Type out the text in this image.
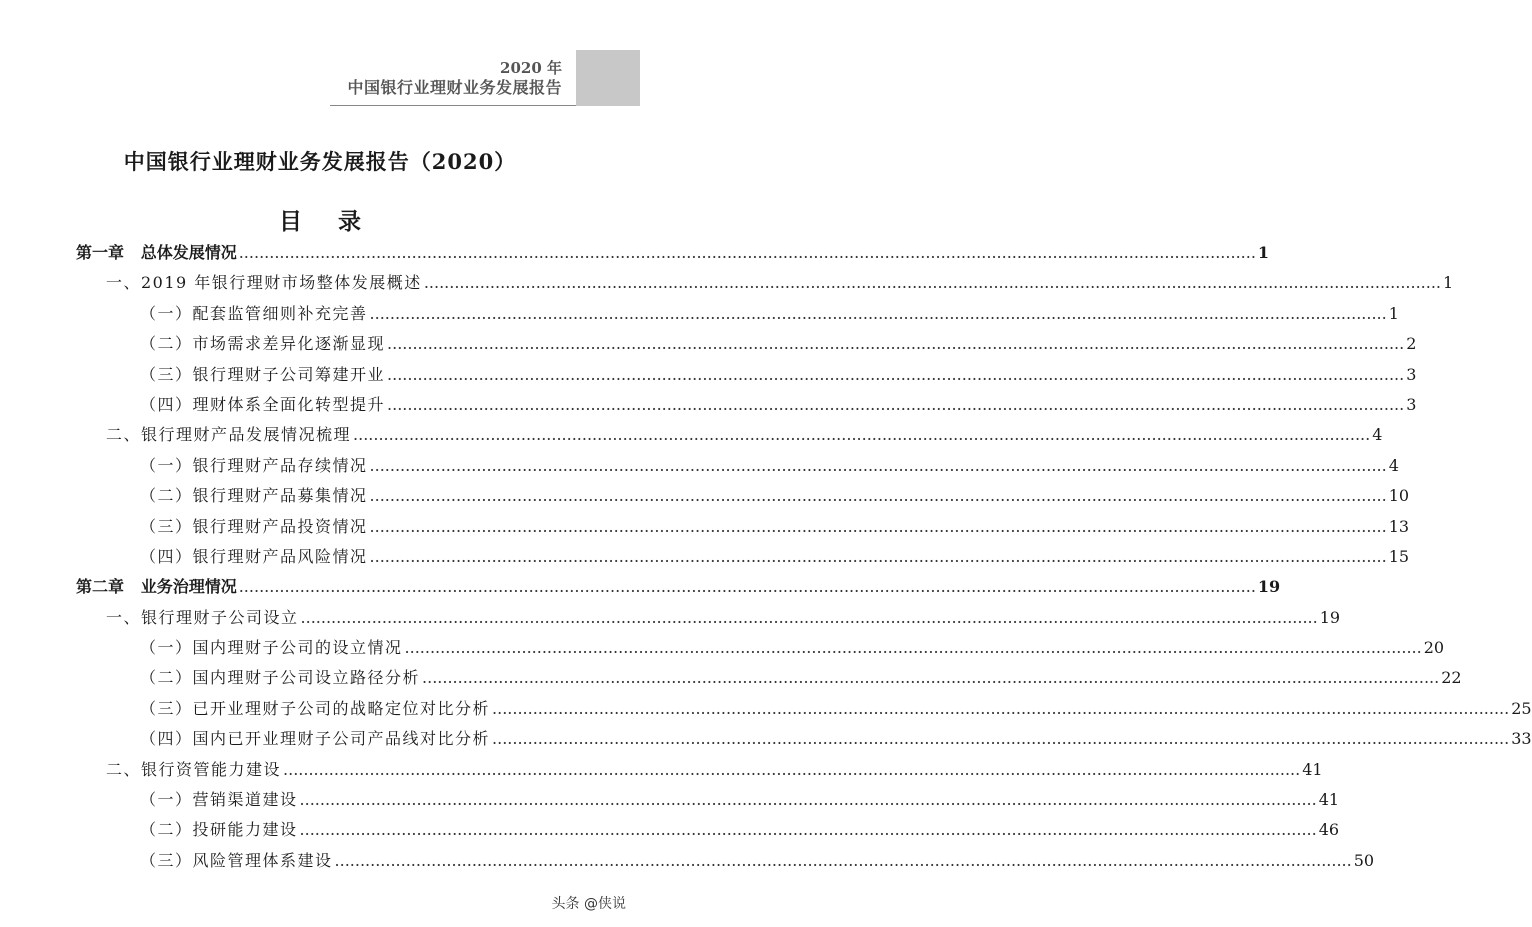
2020 年
中国银行业理财业务发展报告
中国银行业理财业务发展报告（2020）
目 录
第一章   总体发展情况 ........................................................................................................................................................................................................ 1
一、2019 年银行理财市场整体发展概述 ........................................................................................................................................................................................................ 1
（一）配套监管细则补充完善 ........................................................................................................................................................................................................ 1
（二）市场需求差异化逐渐显现 ........................................................................................................................................................................................................ 2
（三）银行理财子公司筹建开业 ........................................................................................................................................................................................................ 3
（四）理财体系全面化转型提升 ........................................................................................................................................................................................................ 3
二、银行理财产品发展情况梳理 ........................................................................................................................................................................................................ 4
（一）银行理财产品存续情况 ........................................................................................................................................................................................................ 4
（二）银行理财产品募集情况 ........................................................................................................................................................................................................ 10
（三）银行理财产品投资情况 ........................................................................................................................................................................................................ 13
（四）银行理财产品风险情况 ........................................................................................................................................................................................................ 15
第二章   业务治理情况 ........................................................................................................................................................................................................ 19
一、银行理财子公司设立 ........................................................................................................................................................................................................ 19
（一）国内理财子公司的设立情况 ........................................................................................................................................................................................................ 20
（二）国内理财子公司设立路径分析 ........................................................................................................................................................................................................ 22
（三）已开业理财子公司的战略定位对比分析 ........................................................................................................................................................................................................ 25
（四）国内已开业理财子公司产品线对比分析 ........................................................................................................................................................................................................ 33
二、银行资管能力建设 ........................................................................................................................................................................................................ 41
（一）营销渠道建设 ........................................................................................................................................................................................................ 41
（二）投研能力建设 ........................................................................................................................................................................................................ 46
（三）风险管理体系建设 ........................................................................................................................................................................................................ 50
头条 @侠说
